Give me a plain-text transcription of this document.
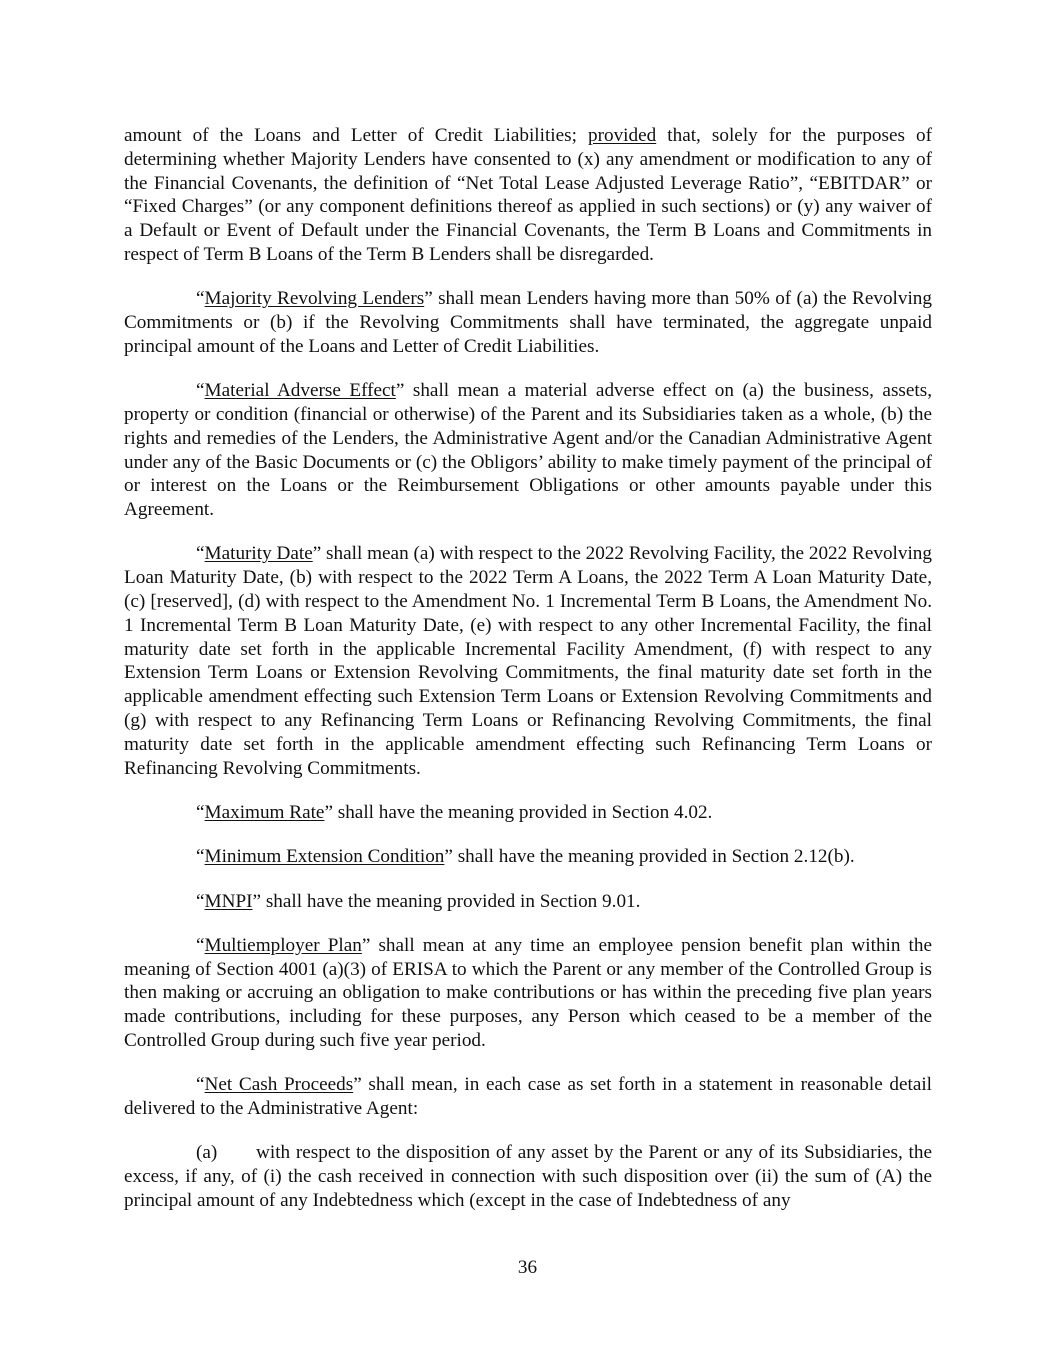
amount of the Loans and Letter of Credit Liabilities; provided that, solely for the purposes of determining whether Majority Lenders have consented to (x) any amendment or modification to any of the Financial Covenants, the definition of “Net Total Lease Adjusted Leverage Ratio”, “EBITDAR” or “Fixed Charges” (or any component definitions thereof as applied in such sections) or (y) any waiver of a Default or Event of Default under the Financial Covenants, the Term B Loans and Commitments in respect of Term B Loans of the Term B Lenders shall be disregarded.

“Majority Revolving Lenders” shall mean Lenders having more than 50% of (a) the Revolving Commitments or (b) if the Revolving Commitments shall have terminated, the aggregate unpaid principal amount of the Loans and Letter of Credit Liabilities.

“Material Adverse Effect” shall mean a material adverse effect on (a) the business, assets, property or condition (financial or otherwise) of the Parent and its Subsidiaries taken as a whole, (b) the rights and remedies of the Lenders, the Administrative Agent and/or the Canadian Administrative Agent under any of the Basic Documents or (c) the Obligors’ ability to make timely payment of the principal of or interest on the Loans or the Reimbursement Obligations or other amounts payable under this Agreement.

“Maturity Date” shall mean (a) with respect to the 2022 Revolving Facility, the 2022 Revolving Loan Maturity Date, (b) with respect to the 2022 Term A Loans, the 2022 Term A Loan Maturity Date, (c) [reserved], (d) with respect to the Amendment No. 1 Incremental Term B Loans, the Amendment No. 1 Incremental Term B Loan Maturity Date, (e) with respect to any other Incremental Facility, the final maturity date set forth in the applicable Incremental Facility Amendment, (f) with respect to any Extension Term Loans or Extension Revolving Commitments, the final maturity date set forth in the applicable amendment effecting such Extension Term Loans or Extension Revolving Commitments and (g) with respect to any Refinancing Term Loans or Refinancing Revolving Commitments, the final maturity date set forth in the applicable amendment effecting such Refinancing Term Loans or Refinancing Revolving Commitments.

“Maximum Rate” shall have the meaning provided in Section 4.02.

“Minimum Extension Condition” shall have the meaning provided in Section 2.12(b).

“MNPI” shall have the meaning provided in Section 9.01.

“Multiemployer Plan” shall mean at any time an employee pension benefit plan within the meaning of Section 4001 (a)(3) of ERISA to which the Parent or any member of the Controlled Group is then making or accruing an obligation to make contributions or has within the preceding five plan years made contributions, including for these purposes, any Person which ceased to be a member of the Controlled Group during such five year period.

“Net Cash Proceeds” shall mean, in each case as set forth in a statement in reasonable detail delivered to the Administrative Agent:

(a) with respect to the disposition of any asset by the Parent or any of its Subsidiaries, the excess, if any, of (i) the cash received in connection with such disposition over (ii) the sum of (A) the principal amount of any Indebtedness which (except in the case of Indebtedness of any

36
